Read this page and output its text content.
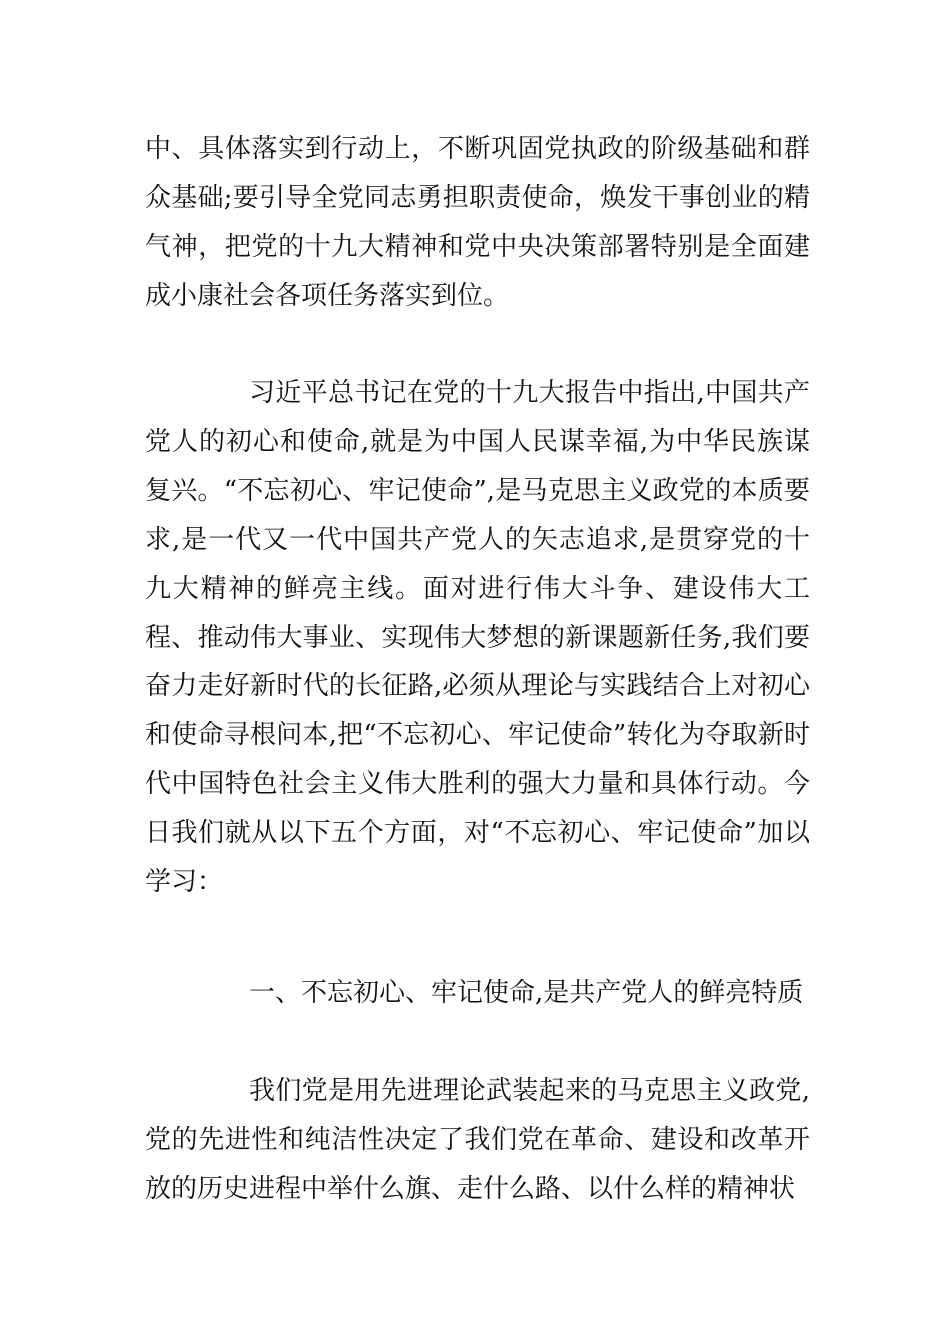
中、具体落实到行动上，不断巩固党执政的阶级基础和群众基础;要引导全党同志勇担职责使命，焕发干事创业的精气神，把党的十九大精神和党中央决策部署特别是全面建成小康社会各项任务落实到位。

习近平总书记在党的十九大报告中指出,中国共产党人的初心和使命,就是为中国人民谋幸福,为中华民族谋复兴。“不忘初心、牢记使命”,是马克思主义政党的本质要求,是一代又一代中国共产党人的矢志追求,是贯穿党的十九大精神的鲜亮主线。面对进行伟大斗争、建设伟大工程、推动伟大事业、实现伟大梦想的新课题新任务,我们要奋力走好新时代的长征路,必须从理论与实践结合上对初心和使命寻根问本,把“不忘初心、牢记使命”转化为夺取新时代中国特色社会主义伟大胜利的强大力量和具体行动。今日我们就从以下五个方面，对“不忘初心、牢记使命”加以学习：

一、不忘初心、牢记使命,是共产党人的鲜亮特质

我们党是用先进理论武装起来的马克思主义政党,党的先进性和纯洁性决定了我们党在革命、建设和改革开放的历史进程中举什么旗、走什么路、以什么样的精神状
